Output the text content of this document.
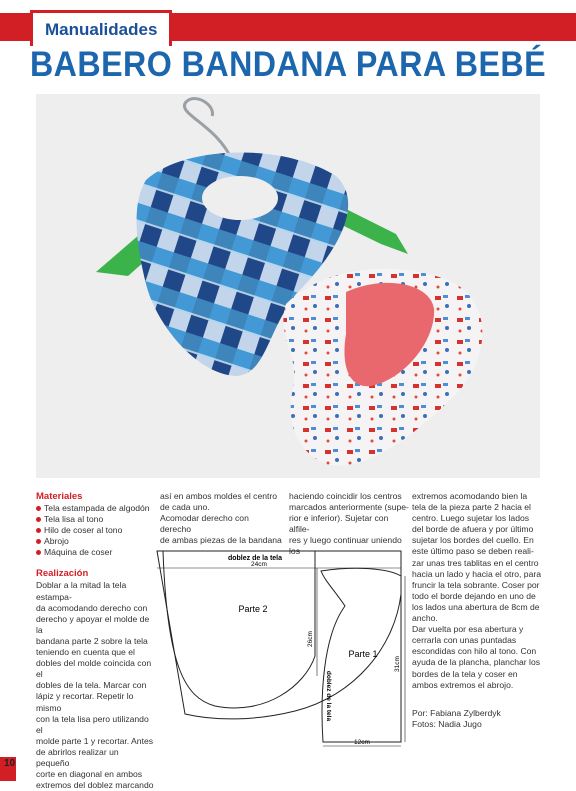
Manualidades
BABERO BANDANA PARA BEBÉ

Materiales

Tela estampada de algodón
Tela lisa al tono
Hilo de coser al tono
Abrojo
Máquina de coser

Realización

Doblar a la mitad la tela estampa-

da acomodando derecho con

derecho y apoyar el molde de la

bandana parte 2 sobre la tela

teniendo en cuenta que el

dobles del molde coincida con el

dobles de la tela. Marcar con

lápiz y recortar. Repetir lo mismo

con la tela lisa pero utilizando el

molde parte 1 y recortar. Antes

de abrirlos realizar un pequeño

corte en diagonal en ambos

extremos del doblez marcando

así en ambos moldes el centro

de cada uno.

Acomodar derecho con derecho

de ambas piezas de la bandana

haciendo coincidir los centros

marcados anteriormente (supe-

rior e inferior). Sujetar con alfile-

res y luego continuar uniendo los

extremos acomodando bien la

tela de la pieza parte 2 hacia el

centro. Luego sujetar los lados

del borde de afuera y por último

sujetar los bordes del cuello. En

este último paso se deben reali-

zar unas tres tablitas en el centro

hacia un lado y hacia el otro, para

fruncir la tela sobrante. Coser por

todo el borde dejando en uno de

los lados una abertura de 8cm de

ancho.

Dar vuelta por esa abertura y

cerrarla con unas puntadas

escondidas con hilo al tono. Con

ayuda de la plancha, planchar los

bordes de la tela y coser en

ambos extremos el abrojo.

Por: Fabiana Zylberdyk

Fotos: Nadia Jugo

doblez de la tela
24cm
Parte 2
26cm
Parte 1
31cm
doblez de la tela
12cm
10
